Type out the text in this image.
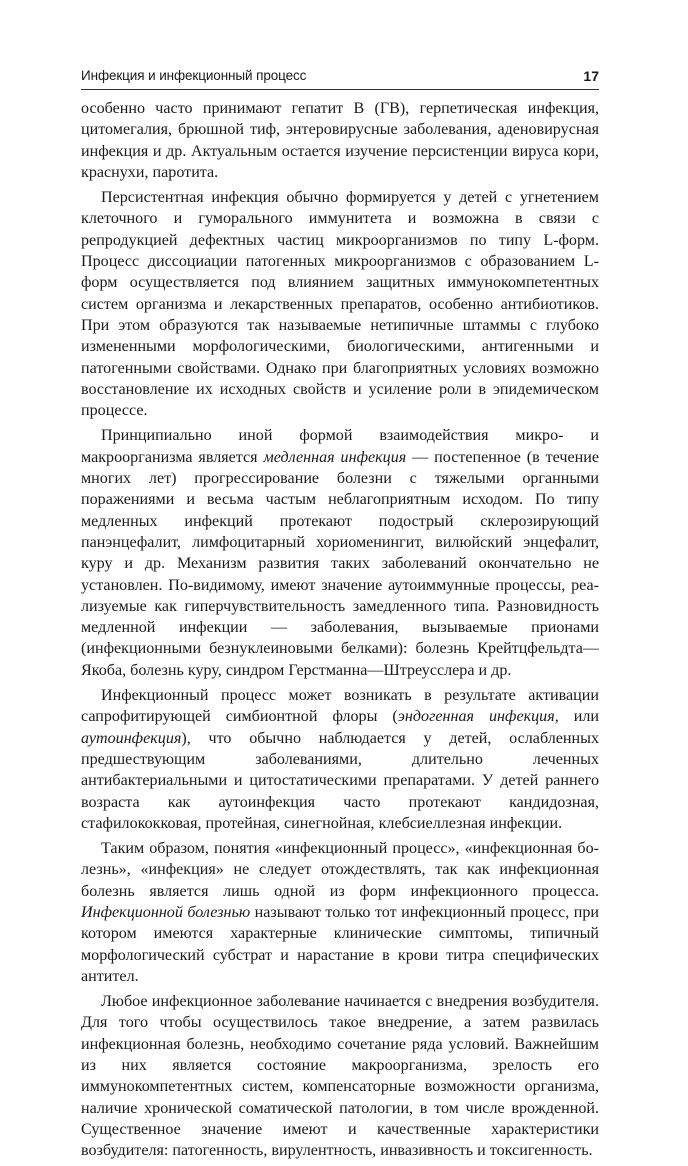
Инфекция и инфекционный процесс	17

особенно часто принимают гепатит В (ГВ), герпетическая инфекция, цитомегалия, брюшной тиф, энтеровирусные заболевания, аденовирусная инфекция и др. Актуальным остается изучение персистенции вируса кори, краснухи, паротита.

Персистентная инфекция обычно формируется у детей с угнетением клеточного и гуморального иммунитета и возможна в связи с репродукцией дефектных частиц микроорганизмов по типу L-форм. Процесс диссоциации патогенных микроорганизмов с образованием L-форм осуществляется под влиянием защитных иммунокомпетентных систем организма и лекарственных препаратов, особенно антибиотиков. При этом образуются так называемые нетипичные штаммы с глубоко измененными морфологическими, биологическими, антигенными и патогенными свойствами. Однако при благоприятных условиях возможно восстановление их исходных свойств и усиление роли в эпидемическом процессе.

Принципиально иной формой взаимодействия микро- и макроорганизма является медленная инфекция — постепенное (в течение многих лет) прогрессирование болезни с тяжелыми органными поражениями и весьма частым неблагоприятным исходом. По типу медленных инфекций протекают подострый склерозирующий панэнцефалит, лимфоцитарный хориоменингит, вилюйский энцефалит, куру и др. Механизм развития таких заболеваний окончательно не установлен. По-видимому, имеют значение аутоиммунные процессы, реализуемые как гиперчувствительность замедленного типа. Разновидность медленной инфекции — заболевания, вызываемые прионами (инфекционными безнуклеиновыми белками): болезнь Крейтцфельдта—Якоба, болезнь куру, синдром Герстманна—Штреусслера и др.

Инфекционный процесс может возникать в результате активации сапрофитирующей симбионтной флоры (эндогенная инфекция, или аутоинфекция), что обычно наблюдается у детей, ослабленных предшествующим заболеваниями, длительно леченных антибактериальными и цитостатическими препаратами. У детей раннего возраста как аутоинфекция часто протекают кандидозная, стафилококковая, протейная, синегнойная, клебсиеллезная инфекции.

Таким образом, понятия «инфекционный процесс», «инфекционная болезнь», «инфекция» не следует отождествлять, так как инфекционная болезнь является лишь одной из форм инфекционного процесса. Инфекционной болезнью называют только тот инфекционный процесс, при котором имеются характерные клинические симптомы, типичный морфологический субстрат и нарастание в крови титра специфических антител.

Любое инфекционное заболевание начинается с внедрения возбудителя. Для того чтобы осуществилось такое внедрение, а затем развилась инфекционная болезнь, необходимо сочетание ряда условий. Важнейшим из них является состояние макроорганизма, зрелость его иммунокомпетентных систем, компенсаторные возможности организма, наличие хронической соматической патологии, в том числе врожденной. Существенное значение имеют и качественные характеристики возбудителя: патогенность, вирулентность, инвазивность и токсигенность.
